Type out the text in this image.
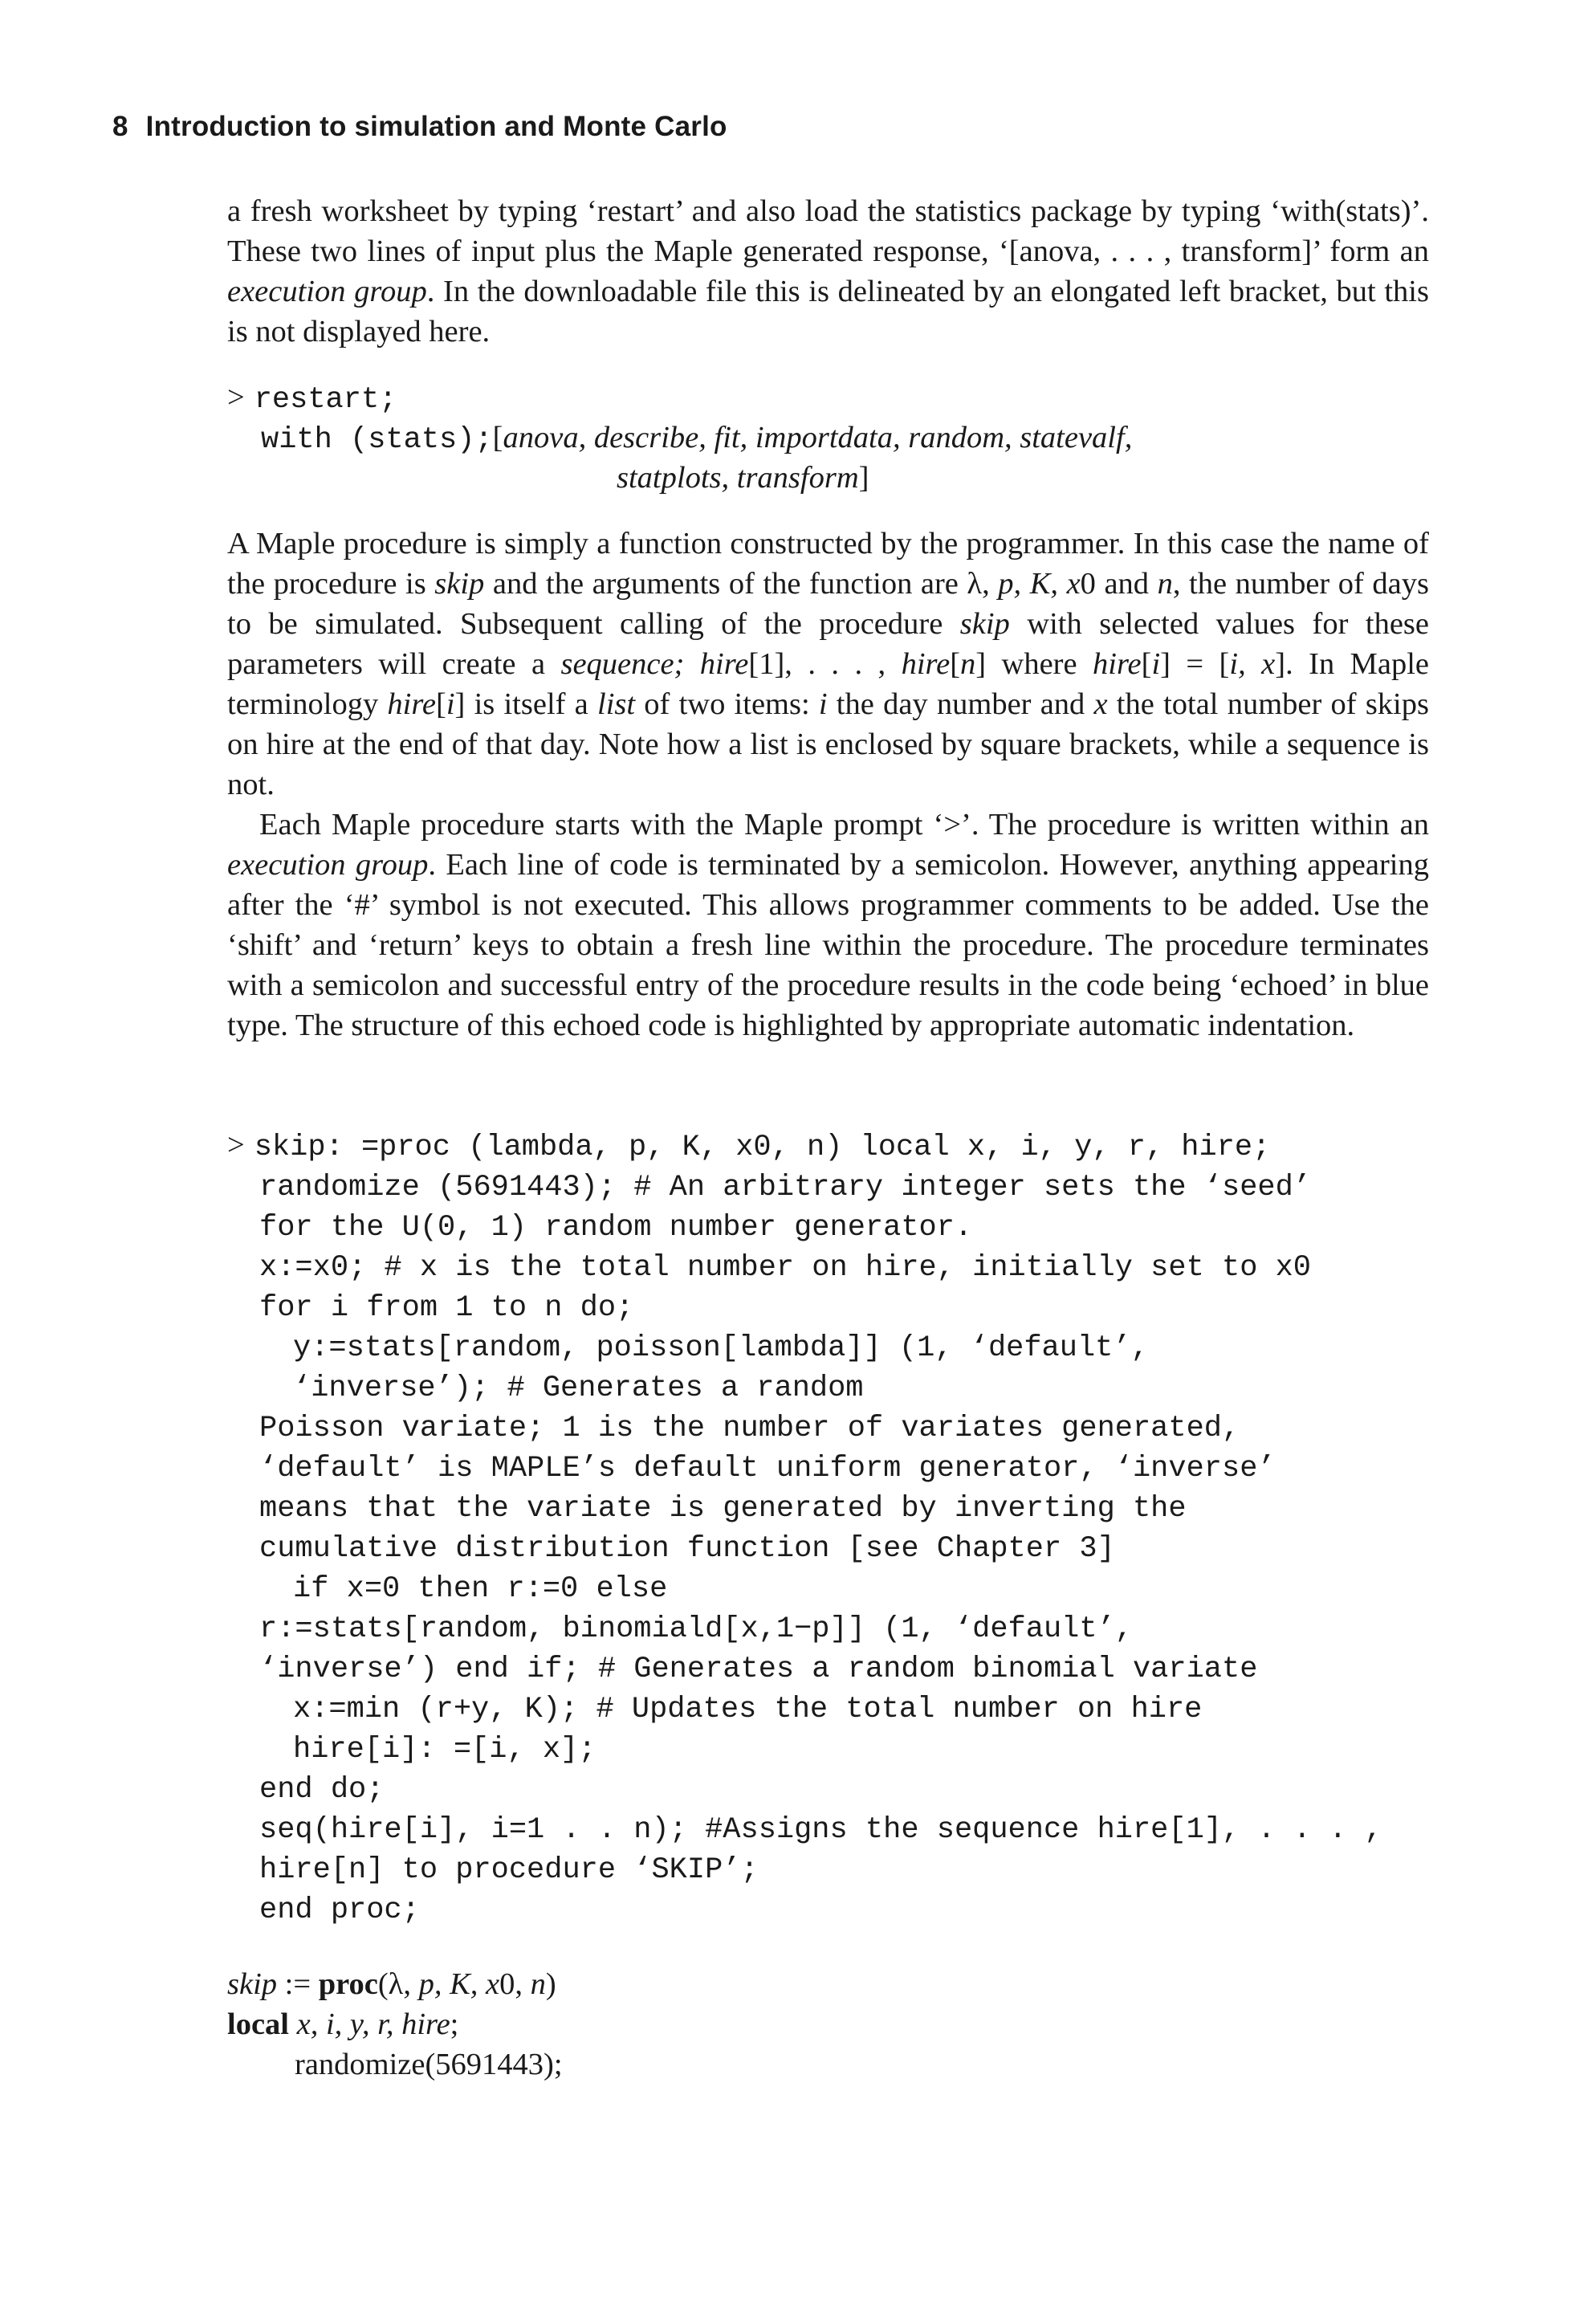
8 Introduction to simulation and Monte Carlo

a fresh worksheet by typing ‘restart’ and also load the statistics package by typing ‘with(stats)’. These two lines of input plus the Maple generated response, ‘[anova, . . . , transform]’ form an execution group. In the downloadable file this is delineated by an elongated left bracket, but this is not displayed here.

> restart;
with (stats);[anova, describe, fit, importdata, random, statevalf,
statplots, transform]

A Maple procedure is simply a function constructed by the programmer. In this case the name of the procedure is skip and the arguments of the function are λ, p, K, x0 and n, the number of days to be simulated. Subsequent calling of the procedure skip with selected values for these parameters will create a sequence; hire[1], . . . , hire[n] where hire[i] = [i, x]. In Maple terminology hire[i] is itself a list of two items: i the day number and x the total number of skips on hire at the end of that day. Note how a list is enclosed by square brackets, while a sequence is not.

Each Maple procedure starts with the Maple prompt ‘>’. The procedure is written within an execution group. Each line of code is terminated by a semicolon. However, anything appearing after the ‘#’ symbol is not executed. This allows programmer comments to be added. Use the ‘shift’ and ‘return’ keys to obtain a fresh line within the procedure. The procedure terminates with a semicolon and successful entry of the procedure results in the code being ‘echoed’ in blue type. The structure of this echoed code is highlighted by appropriate automatic indentation.

> skip: =proc (lambda, p, K, x0, n) local x, i, y, r, hire;
randomize (5691443); # An arbitrary integer sets the ‘seed’
for the U(0, 1) random number generator.
x:=x0; # x is the total number on hire, initially set to x0
for i from 1 to n do;
y:=stats[random, poisson[lambda]] (1, ‘default’,
‘inverse’); # Generates a random
Poisson variate; 1 is the number of variates generated,
‘default’ is MAPLE’s default uniform generator, ‘inverse’
means that the variate is generated by inverting the
cumulative distribution function [see Chapter 3]
if x=0 then r:=0 else
r:=stats[random, binomiald[x,1−p]] (1, ‘default’,
‘inverse’) end if; # Generates a random binomial variate
x:=min (r+y, K); # Updates the total number on hire
hire[i]: =[i, x];
end do;
seq(hire[i], i=1 . . n); #Assigns the sequence hire[1], . . . ,
hire[n] to procedure ‘SKIP’;
end proc;
skip := proc(λ, p, K, x0, n)
local x, i, y, r, hire;
randomize(5691443);
